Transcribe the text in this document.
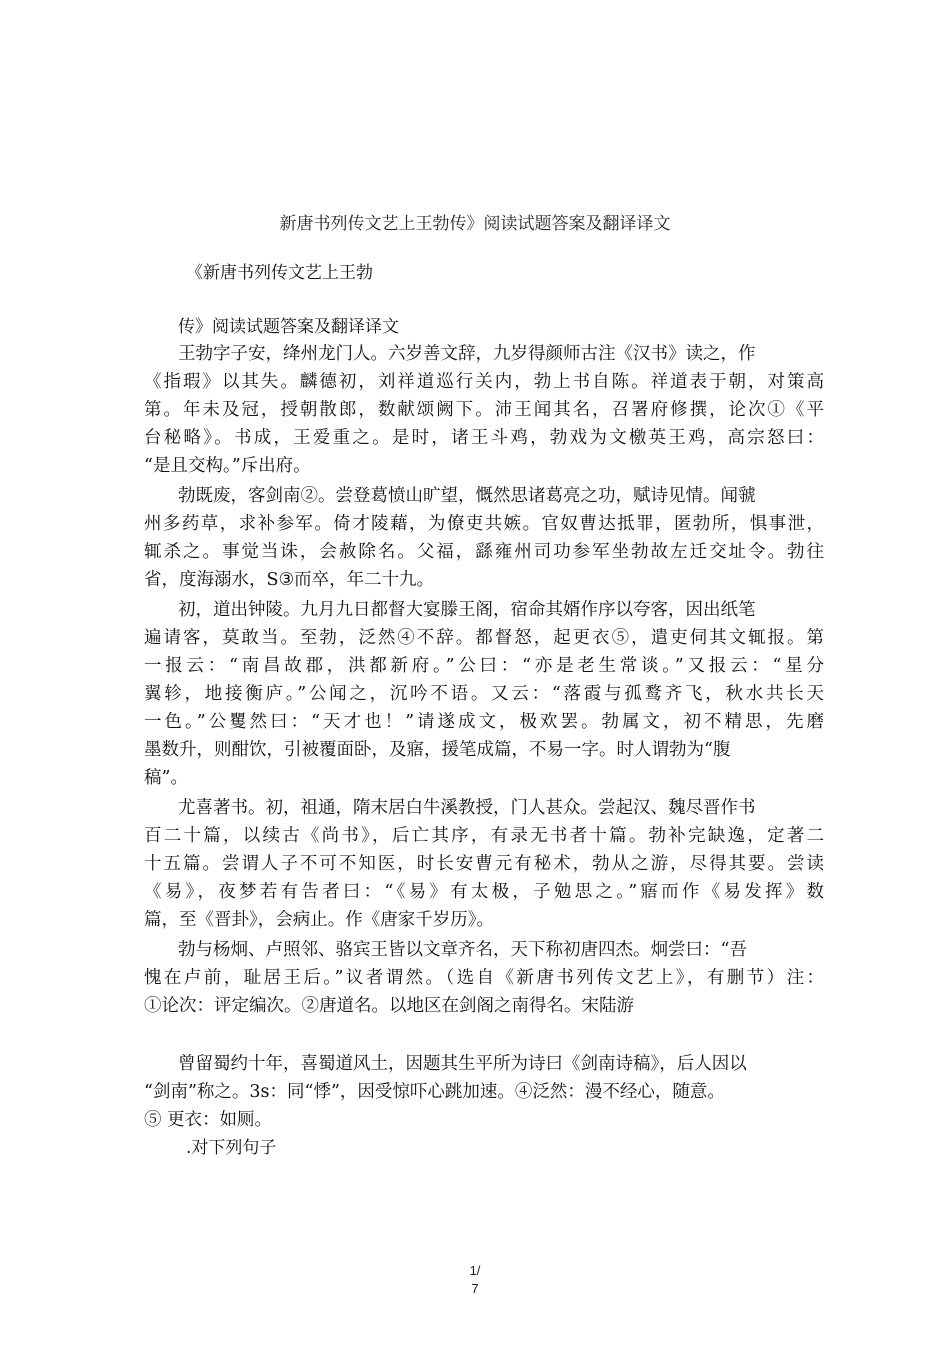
新唐书列传文艺上王勃传》阅读试题答案及翻译译文
《新唐书列传文艺上王勃
传》阅读试题答案及翻译译文
王勃字子安，绛州龙门人。六岁善文辞，九岁得颜师古注《汉书》读之，作
《指瑕》以其失。麟德初，刘祥道巡行关内，勃上书自陈。祥道表于朝，对策高
第。年未及冠，授朝散郎，数献颂阙下。沛王闻其名，召署府修撰，论次①《平
台秘略》。书成，王爱重之。是时，诸王斗鸡，勃戏为文檄英王鸡，高宗怒曰：
“是且交构。”斥出府。
勃既废，客剑南②。尝登葛愤山旷望，慨然思诸葛亮之功，赋诗见情。闻虢
州多药草，求补参军。倚才陵藉，为僚吏共嫉。官奴曹达抵罪，匿勃所，惧事泄，
辄杀之。事觉当诛，会赦除名。父福，繇雍州司功参军坐勃故左迁交址令。勃往
省，度海溺水，S③而卒，年二十九。
初，道出钟陵。九月九日都督大宴滕王阁，宿命其婿作序以夸客，因出纸笔
遍请客，莫敢当。至勃，泛然④不辞。都督怒，起更衣⑤，遣吏伺其文辄报。第
一报云：“南昌故郡，洪都新府。”公曰：“亦是老生常谈。”又报云：“星分
翼轸，地接衡庐。”公闻之，沉吟不语。又云：“落霞与孤鹜齐飞，秋水共长天
一色。”公矍然曰：“天才也！”请遂成文，极欢罢。勃属文，初不精思，先磨
墨数升，则酣饮，引被覆面卧，及寤，援笔成篇，不易一字。时人谓勃为“腹
稿”。
尤喜著书。初，祖通，隋末居白牛溪教授，门人甚众。尝起汉、魏尽晋作书
百二十篇，以续古《尚书》，后亡其序，有录无书者十篇。勃补完缺逸，定著二
十五篇。尝谓人子不可不知医，时长安曹元有秘术，勃从之游，尽得其要。尝读
《易》，夜梦若有告者曰：“《易》有太极，子勉思之。”寤而作《易发挥》数
篇，至《晋卦》，会病止。作《唐家千岁历》。
勃与杨炯、卢照邻、骆宾王皆以文章齐名，天下称初唐四杰。炯尝曰：“吾
愧在卢前，耻居王后。”议者谓然。（选自《新唐书列传文艺上》，有删节）注：
①论次：评定编次。②唐道名。以地区在剑阁之南得名。宋陆游
曾留蜀约十年，喜蜀道风土，因题其生平所为诗曰《剑南诗稿》，后人因以
“剑南”称之。3s：同“悸”，因受惊吓心跳加速。④泛然：漫不经心，随意。
⑤ 更衣：如厕。
.对下列句子
1/
7
